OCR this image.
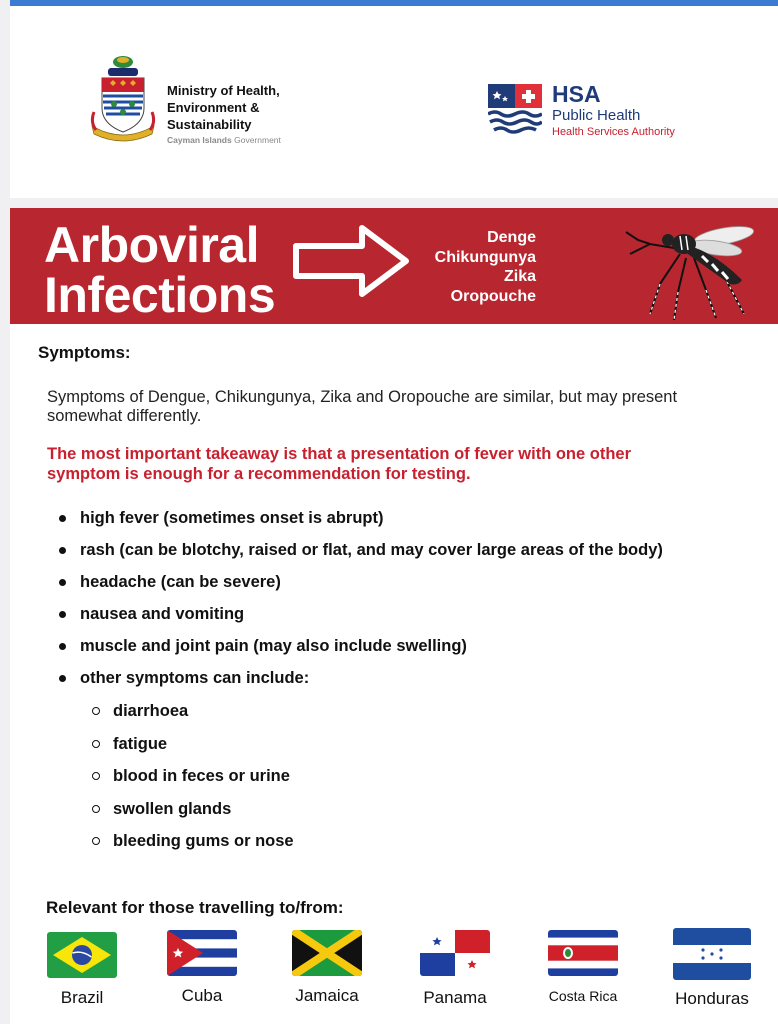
Ministry of Health,
Environment &
Sustainability
Cayman Islands Government
HSA
Public Health
Health Services Authority
Arboviral
Infections
Denge
Chikungunya
Zika
Oropouche
Symptoms:
Symptoms of Dengue, Chikungunya, Zika and Oropouche are similar, but may present somewhat differently.
The most important takeaway is that a presentation of fever with one other symptom is enough for a recommendation for testing.
high fever (sometimes onset is abrupt)
rash (can be blotchy, raised or flat, and may cover large areas of the body)
headache (can be severe)
nausea and vomiting
muscle and joint pain (may also include swelling)
other symptoms can include:
diarrhoea
fatigue
blood in feces or urine
swollen glands
bleeding gums or nose
Relevant for those travelling to/from:
Brazil	Cuba	Jamaica	Panama	Costa Rica	Honduras
